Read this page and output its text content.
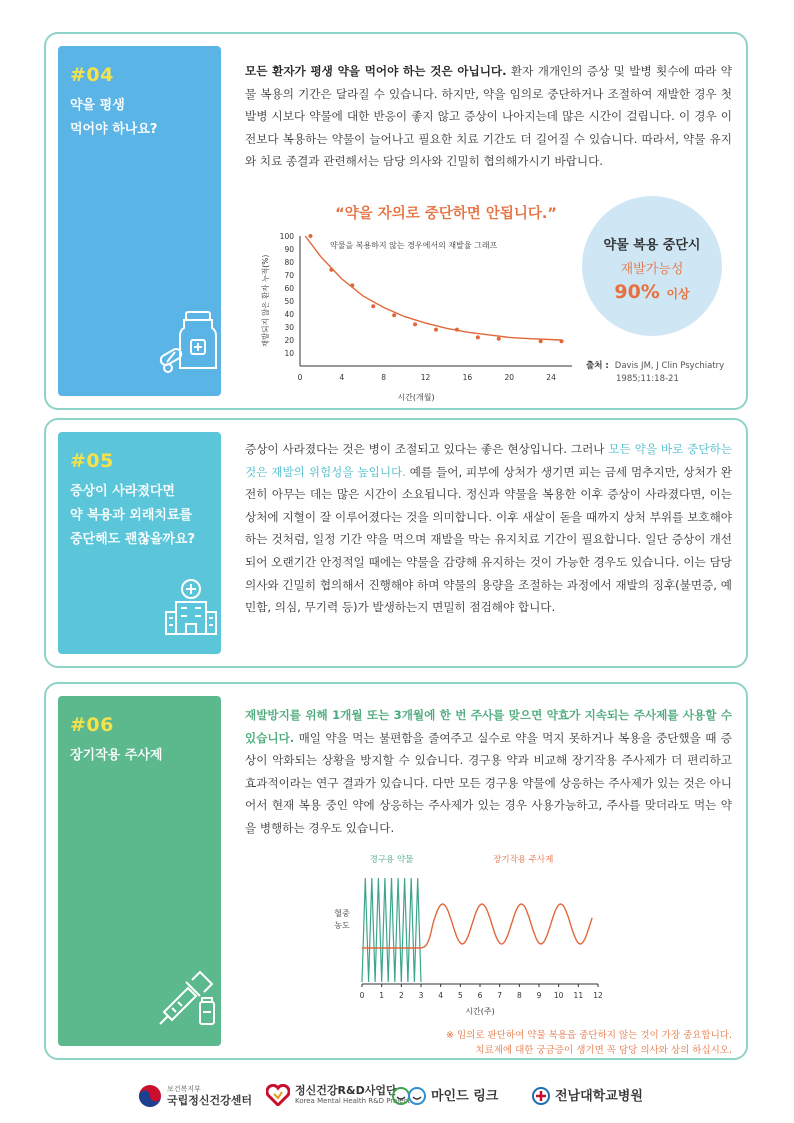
#04
약을 평생
먹어야 하나요?
모든 환자가 평생 약을 먹어야 하는 것은 아닙니다. 환자 개개인의 증상 및 발병 횟수에 따라 약물 복용의 기간은 달라질 수 있습니다. 하지만, 약을 임의로 중단하거나 조절하여 재발한 경우 첫 발병 시보다 약물에 대한 반응이 좋지 않고 증상이 나아지는데 많은 시간이 걸립니다. 이 경우 이전보다 복용하는 약물이 늘어나고 필요한 치료 기간도 더 길어질 수 있습니다. 따라서, 약물 유지와 치료 종결과 관련해서는 담당 의사와 긴밀히 협의해가시기 바랍니다.
“약을 자의로 중단하면 안됩니다.”
10
20
30
40
50
60
70
80
90
100
0	4	8	12	16	20	24
시간(개월)
재발되지 않은 환자 누적(%)
약물을 복용하지 않는 경우에서의 재발율 그래프	약물 복용 중단시
재발가능성
90% 이상
출처 : Davis JM, J Clin Psychiatry
1985;11:18-21
#05
증상이 사라졌다면
약 복용과 외래치료를
중단해도 괜찮을까요?
증상이 사라졌다는 것은 병이 조절되고 있다는 좋은 현상입니다. 그러나 모든 약을 바로 중단하는 것은 재발의 위험성을 높입니다. 예를 들어, 피부에 상처가 생기면 피는 금세 멈추지만, 상처가 완전히 아무는 데는 많은 시간이 소요됩니다. 정신과 약물을 복용한 이후 증상이 사라졌다면, 이는 상처에 지혈이 잘 이루어졌다는 것을 의미합니다. 이후 새살이 돋을 때까지 상처 부위를 보호해야 하는 것처럼, 일정 기간 약을 먹으며 재발을 막는 유지치료 기간이 필요합니다. 일단 증상이 개선되어 오랜기간 안정적일 때에는 약물을 감량해 유지하는 것이 가능한 경우도 있습니다. 이는 담당의사와 긴밀히 협의해서 진행해야 하며 약물의 용량을 조절하는 과정에서 재발의 징후(불면증, 예민함, 의심, 무기력 등)가 발생하는지 면밀히 점검해야 합니다.
#06
장기작용 주사제
재발방지를 위해 1개월 또는 3개월에 한 번 주사를 맞으면 약효가 지속되는 주사제를 사용할 수 있습니다. 매일 약을 먹는 불편함을 줄여주고 실수로 약을 먹지 못하거나 복용을 중단했을 때 증상이 악화되는 상황을 방지할 수 있습니다. 경구용 약과 비교해 장기작용 주사제가 더 편리하고 효과적이라는 연구 결과가 있습니다. 다만 모든 경구용 약물에 상응하는 주사제가 있는 것은 아니어서 현재 복용 중인 약에 상응하는 주사제가 있는 경우 사용가능하고, 주사를 맞더라도 먹는 약을 병행하는 경우도 있습니다.
경구용 약물	장기작용 주사제
혈중
농도
0 1 2 3 4 5 6 7 8 9 10 11 12
시간(주)
※ 임의로 판단하여 약물 복용을 중단하지 않는 것이 가장 중요합니다.
치료제에 대한 궁금증이 생기면 꼭 담당 의사와 상의 하십시오.
보건복지부
국립정신건강센터
정신건강R&D사업단
Korea Mental Health R&D Project 마인드 링크	전남대학교병원
